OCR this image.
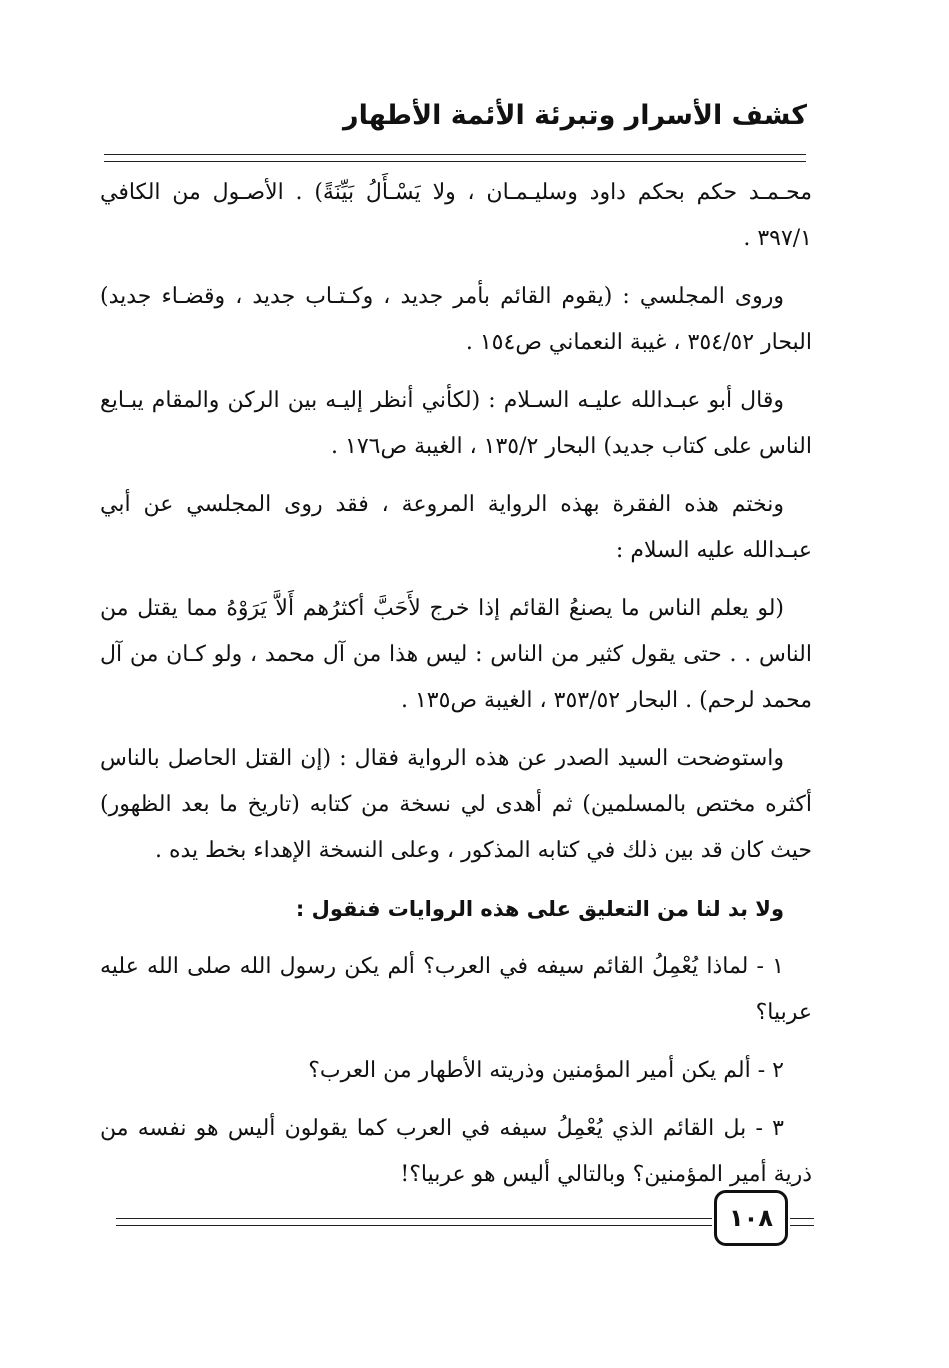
كشف الأسرار وتبرئة الأئمة الأطهار

محـمـد حكم بحكم داود وسليـمـان ، ولا يَسْـأَلُ بَيِّنَةً) . الأصـول من الكافي ٣٩٧/١ .

وروى المجلسي : (يقوم القائم بأمر جديد ، وكـتـاب جديد ، وقضـاء جديد) البحار ٣٥٤/٥٢ ، غيبة النعماني ص١٥٤ .

وقال أبو عبـدالله عليـه السـلام : (لكأني أنظر إليـه بين الركن والمقام يبـايع الناس على كتاب جديد) البحار ١٣٥/٢ ، الغيبة ص١٧٦ .

ونختم هذه الفقرة بهذه الرواية المروعة ، فقد روى المجلسي عن أبي عبـدالله عليه السلام :

(لو يعلم الناس ما يصنعُ القائم إذا خرج لأَحَبَّ أكثرُهم أَلاَّ يَرَوْهُ مما يقتل من الناس . . حتى يقول كثير من الناس : ليس هذا من آل محمد ، ولو كـان من آل محمد لرحم) . البحار ٣٥٣/٥٢ ، الغيبة ص١٣٥ .

واستوضحت السيد الصدر عن هذه الرواية فقال : (إن القتل الحاصل بالناس أكثره مختص بالمسلمين) ثم أهدى لي نسخة من كتابه (تاريخ ما بعد الظهور) حيث كان قد بين ذلك في كتابه المذكور ، وعلى النسخة الإهداء بخط يده .

ولا بد لنا من التعليق على هذه الروايات فنقول :

١ - لماذا يُعْمِلُ القائم سيفه في العرب؟ ألم يكن رسول الله صلى الله عليه عربيا؟

٢ - ألم يكن أمير المؤمنين وذريته الأطهار من العرب؟

٣ - بل القائم الذي يُعْمِلُ سيفه في العرب كما يقولون أليس هو نفسه من ذرية أمير المؤمنين؟ وبالتالي أليس هو عربيا؟!

١٠٨
